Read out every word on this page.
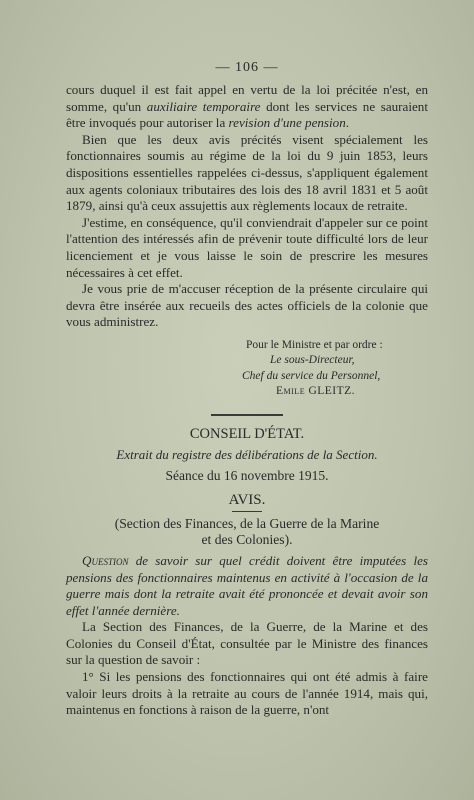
— 106 —

cours duquel il est fait appel en vertu de la loi précitée n'est, en somme, qu'un auxiliaire temporaire dont les services ne sauraient être invoqués pour autoriser la revision d'une pension.

Bien que les deux avis précités visent spécialement les fonctionnaires soumis au régime de la loi du 9 juin 1853, leurs dispositions essentielles rappelées ci-dessus, s'appliquent également aux agents coloniaux tributaires des lois des 18 avril 1831 et 5 août 1879, ainsi qu'à ceux assujettis aux règlements locaux de retraite.

J'estime, en conséquence, qu'il conviendrait d'appeler sur ce point l'attention des intéressés afin de prévenir toute difficulté lors de leur licenciement et je vous laisse le soin de prescrire les mesures nécessaires à cet effet.

Je vous prie de m'accuser réception de la présente circulaire qui devra être insérée aux recueils des actes officiels de la colonie que vous administrez.

Pour le Ministre et par ordre :
Le sous-Directeur,
Chef du service du Personnel,
Emile GLEITZ.
CONSEIL D'ÉTAT.
Extrait du registre des délibérations de la Section.
Séance du 16 novembre 1915.
AVIS.
(Section des Finances, de la Guerre de la Marine
et des Colonies).

Question de savoir sur quel crédit doivent être imputées les pensions des fonctionnaires maintenus en activité à l'occasion de la guerre mais dont la retraite avait été prononcée et devait avoir son effet l'année dernière.

La Section des Finances, de la Guerre, de la Marine et des Colonies du Conseil d'État, consultée par le Ministre des finances sur la question de savoir :

1° Si les pensions des fonctionnaires qui ont été admis à faire valoir leurs droits à la retraite au cours de l'année 1914, mais qui, maintenus en fonctions à raison de la guerre, n'ont
